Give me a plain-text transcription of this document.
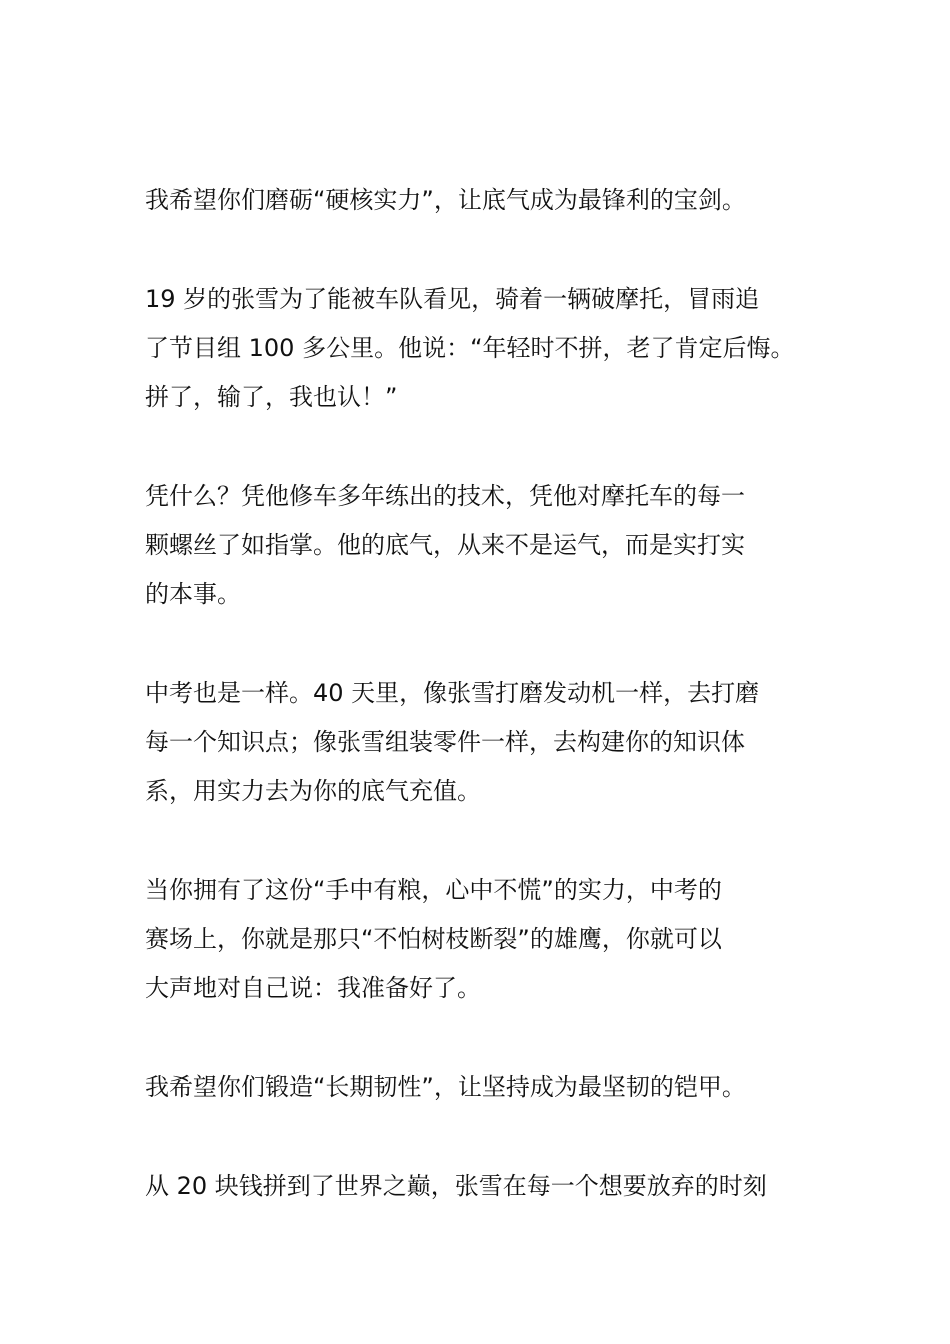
我希望你们磨砺“硬核实力”，让底气成为最锋利的宝剑。

19 岁的张雪为了能被车队看见，骑着一辆破摩托，冒雨追
了节目组 100 多公里。他说：“年轻时不拼，老了肯定后悔。
拼了，输了，我也认！”

凭什么？凭他修车多年练出的技术，凭他对摩托车的每一
颗螺丝了如指掌。他的底气，从来不是运气，而是实打实
的本事。

中考也是一样。40 天里，像张雪打磨发动机一样，去打磨
每一个知识点；像张雪组装零件一样，去构建你的知识体
系，用实力去为你的底气充值。

当你拥有了这份“手中有粮，心中不慌”的实力，中考的
赛场上，你就是那只“不怕树枝断裂”的雄鹰，你就可以
大声地对自己说：我准备好了。

我希望你们锻造“长期韧性”，让坚持成为最坚韧的铠甲。

从 20 块钱拼到了世界之巅，张雪在每一个想要放弃的时刻
